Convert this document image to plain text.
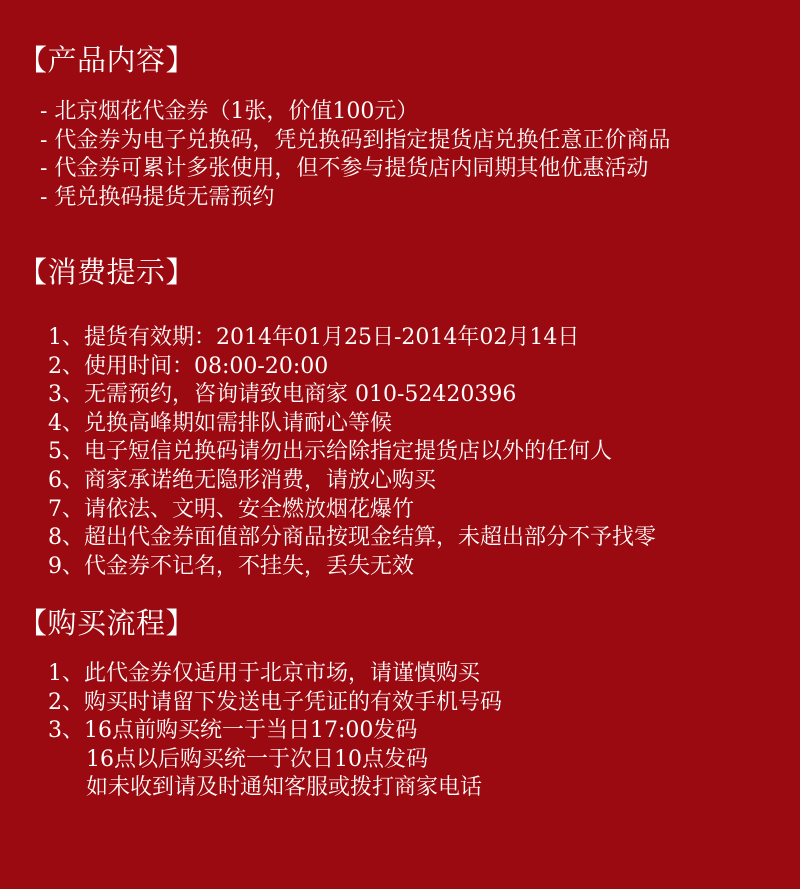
【产品内容】
- 北京烟花代金券（1张，价值100元）
- 代金券为电子兑换码，凭兑换码到指定提货店兑换任意正价商品
- 代金券可累计多张使用，但不参与提货店内同期其他优惠活动
- 凭兑换码提货无需预约
【消费提示】
1、提货有效期：2014年01月25日-2014年02月14日
2、使用时间：08:00-20:00
3、无需预约，咨询请致电商家 010-52420396
4、兑换高峰期如需排队请耐心等候
5、电子短信兑换码请勿出示给除指定提货店以外的任何人
6、商家承诺绝无隐形消费，请放心购买
7、请依法、文明、安全燃放烟花爆竹
8、超出代金券面值部分商品按现金结算，未超出部分不予找零
9、代金券不记名，不挂失，丢失无效
【购买流程】
1、此代金券仅适用于北京市场，请谨慎购买
2、购买时请留下发送电子凭证的有效手机号码
3、16点前购买统一于当日17:00发码
16点以后购买统一于次日10点发码
如未收到请及时通知客服或拨打商家电话
